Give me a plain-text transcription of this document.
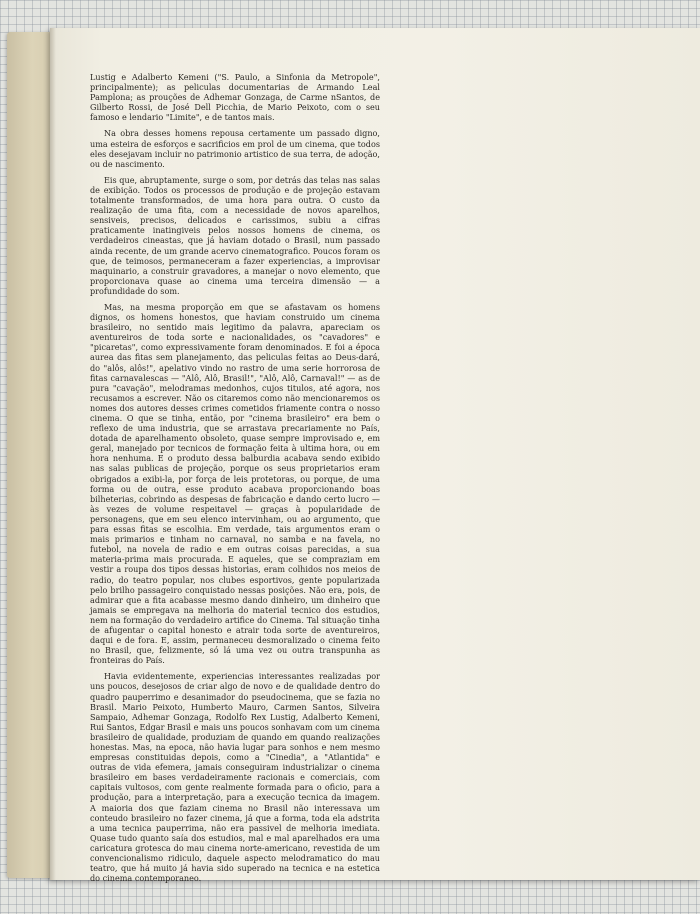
Lustig e Adalberto Kemeni ("S. Paulo, a Sinfonia da Metropole", principalmente); as peliculas documentarias de Armando Leal Pamplona; as prouções de Adhemar Gonzaga, de Carme nSantos, de Gilberto Rossi, de José Dell Picchia, de Mario Peixoto, com o seu famoso e lendario "Limite", e de tantos mais.

Na obra desses homens repousa certamente um passado digno, uma esteira de esforços e sacrificios em prol de um cinema, que todos eles desejavam incluir no patrimonio artistico de sua terra, de adoção, ou de nascimento.

Eis que, abruptamente, surge o som, por detrás das telas nas salas de exibição. Todos os processos de produção e de projeção estavam totalmente transformados, de uma hora para outra. O custo da realização de uma fita, com a necessidade de novos aparelhos, sensiveis, precisos, delicados e carissimos, subiu a cifras praticamente inatingiveis pelos nossos homens de cinema, os verdadeiros cineastas, que já haviam dotado o Brasil, num passado ainda recente, de um grande acervo cinematografico. Poucos foram os que, de teimosos, permaneceram a fazer experiencias, a improvisar maquinario, a construir gravadores, a manejar o novo elemento, que proporcionava quase ao cinema uma terceira dimensão — a profundidade do som.

Mas, na mesma proporção em que se afastavam os homens dignos, os homens honestos, que haviam construido um cinema brasileiro, no sentido mais legitimo da palavra, apareciam os aventureiros de toda sorte e nacionalidades, os "cavadores" e "picaretas", como expressivamente foram denominados. E foi a época aurea das fitas sem planejamento, das peliculas feitas ao Deus-dará, do "alôs, alôs!", apelativo vindo no rastro de uma serie horrorosa de fitas carnavalescas — "Alô, Alô, Brasil!", "Alô, Alô, Carnaval!" — as de pura "cavação", melodramas medonhos, cujos titulos, até agora, nos recusamos a escrever. Não os citaremos como não mencionaremos os nomes dos autores desses crimes cometidos friamente contra o nosso cinema. O que se tinha, então, por "cinema brasileiro" era bem o reflexo de uma industria, que se arrastava precariamente no País, dotada de aparelhamento obsoleto, quase sempre improvisado e, em geral, manejado por tecnicos de formação feita à ultima hora, ou em hora nenhuma. E o produto dessa balburdia acabava sendo exibido nas salas publicas de projeção, porque os seus proprietarios eram obrigados a exibi-la, por força de leis protetoras, ou porque, de uma forma ou de outra, esse produto acabava proporcionando boas bilheterias, cobrindo as despesas de fabricação e dando certo lucro — às vezes de volume respeitavel — graças à popularidade de personagens, que em seu elenco intervinham, ou ao argumento, que para essas fitas se escolhia. Em verdade, tais argumentos eram o mais primarios e tinham no carnaval, no samba e na favela, no futebol, na novela de radio e em outras coisas parecidas, a sua materia-prima mais procurada. E aqueles, que se compraziam em vestir a roupa dos tipos dessas historias, eram colhidos nos meios de radio, do teatro popular, nos clubes esportivos, gente popularizada pelo brilho passageiro conquistado nessas posições. Não era, pois, de admirar que a fita acabasse mesmo dando dinheiro, um dinheiro que jamais se empregava na melhoria do material tecnico dos estudios, nem na formação do verdadeiro artifice do Cinema. Tal situação tinha de afugentar o capital honesto e atrair toda sorte de aventureiros, daqui e de fora. E, assim, permaneceu desmoralizado o cinema feito no Brasil, que, felizmente, só lá uma vez ou outra transpunha as fronteiras do País.

Havia evidentemente, experiencias interessantes realizadas por uns poucos, desejosos de criar algo de novo e de qualidade dentro do quadro pauperrimo e desanimador do pseudocinema, que se fazia no Brasil. Mario Peixoto, Humberto Mauro, Carmen Santos, Silveira Sampaio, Adhemar Gonzaga, Rodolfo Rex Lustig, Adalberto Kemeni, Rui Santos, Edgar Brasil e mais uns poucos sonhavam com um cinema brasileiro de qualidade, produziam de quando em quando realizações honestas. Mas, na epoca, não havia lugar para sonhos e nem mesmo empresas constituidas depois, como a "Cinedia", a "Atlantida" e outras de vida efemera, jamais conseguiram industrializar o cinema brasileiro em bases verdadeiramente racionais e comerciais, com capitais vultosos, com gente realmente formada para o oficio, para a produção, para a interpretação, para a execução tecnica da imagem. A maioria dos que faziam cinema no Brasil não interessava um conteudo brasileiro no fazer cinema, já que a forma, toda ela adstrita a uma tecnica pauperrima, não era passivel de melhoria imediata. Quase tudo quanto saía dos estudios, mal e mal aparelhados era uma caricatura grotesca do mau cinema norte-americano, revestida de um convencionalismo ridiculo, daquele aspecto melodramatico do mau teatro, que há muito já havia sido superado na tecnica e na estetica do cinema contemporaneo.
